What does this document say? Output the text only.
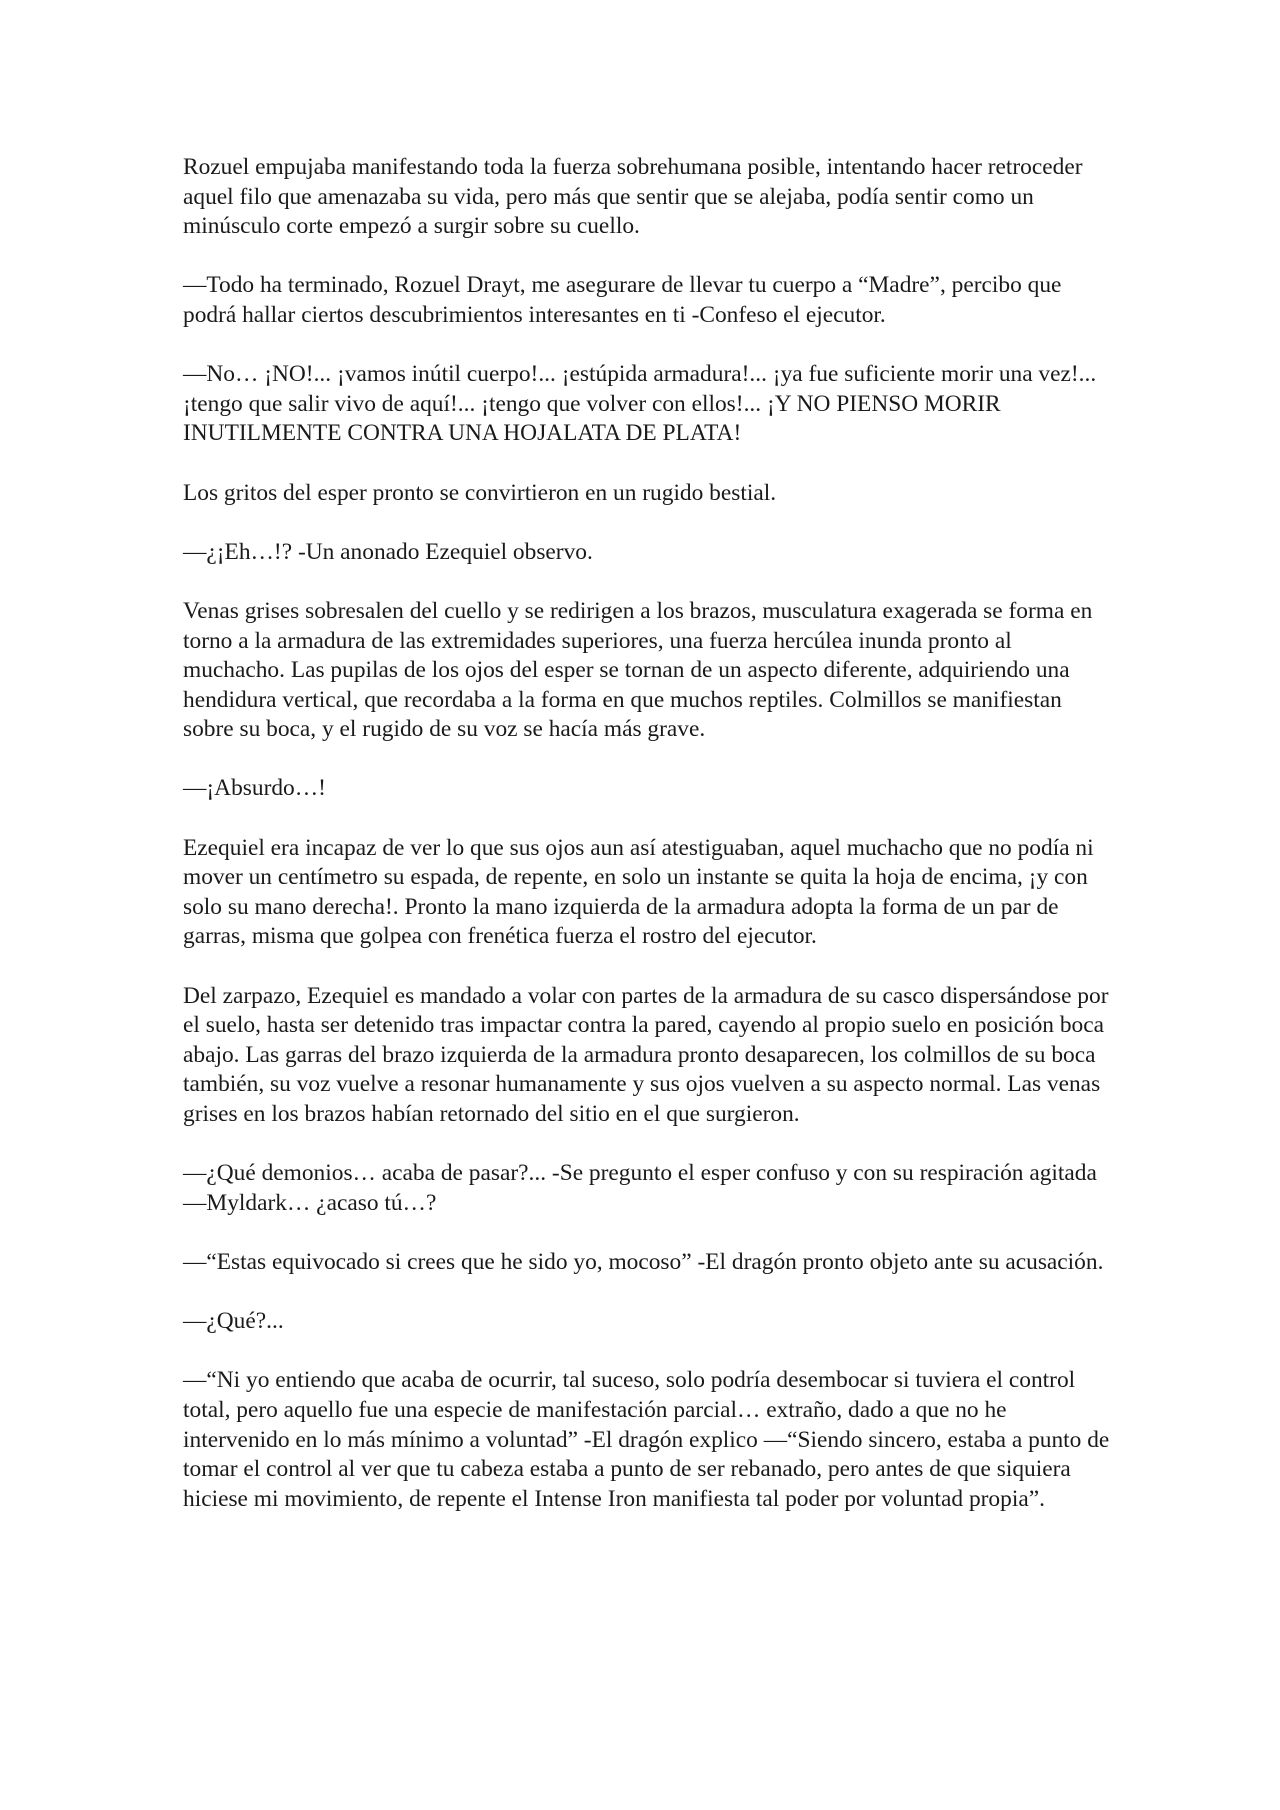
Rozuel empujaba manifestando toda la fuerza sobrehumana posible, intentando hacer retroceder aquel filo que amenazaba su vida, pero más que sentir que se alejaba, podía sentir como un minúsculo corte empezó a surgir sobre su cuello.

—Todo ha terminado, Rozuel Drayt, me asegurare de llevar tu cuerpo a “Madre”, percibo que podrá hallar ciertos descubrimientos interesantes en ti -Confeso el ejecutor.

—No… ¡NO!... ¡vamos inútil cuerpo!... ¡estúpida armadura!... ¡ya fue suficiente morir una vez!... ¡tengo que salir vivo de aquí!... ¡tengo que volver con ellos!... ¡Y NO PIENSO MORIR INUTILMENTE CONTRA UNA HOJALATA DE PLATA!

Los gritos del esper pronto se convirtieron en un rugido bestial.

—¿¡Eh…!? -Un anonado Ezequiel observo.

Venas grises sobresalen del cuello y se redirigen a los brazos, musculatura exagerada se forma en torno a la armadura de las extremidades superiores, una fuerza hercúlea inunda pronto al muchacho. Las pupilas de los ojos del esper se tornan de un aspecto diferente, adquiriendo una hendidura vertical, que recordaba a la forma en que muchos reptiles. Colmillos se manifiestan sobre su boca, y el rugido de su voz se hacía más grave.

—¡Absurdo…!

Ezequiel era incapaz de ver lo que sus ojos aun así atestiguaban, aquel muchacho que no podía ni mover un centímetro su espada, de repente, en solo un instante se quita la hoja de encima, ¡y con solo su mano derecha!. Pronto la mano izquierda de la armadura adopta la forma de un par de garras, misma que golpea con frenética fuerza el rostro del ejecutor.

Del zarpazo, Ezequiel es mandado a volar con partes de la armadura de su casco dispersándose por el suelo, hasta ser detenido tras impactar contra la pared, cayendo al propio suelo en posición boca abajo. Las garras del brazo izquierda de la armadura pronto desaparecen, los colmillos de su boca también, su voz vuelve a resonar humanamente y sus ojos vuelven a su aspecto normal. Las venas grises en los brazos habían retornado del sitio en el que surgieron.

—¿Qué demonios… acaba de pasar?... -Se pregunto el esper confuso y con su respiración agitada —Myldark… ¿acaso tú…?

—“Estas equivocado si crees que he sido yo, mocoso” -El dragón pronto objeto ante su acusación.

—¿Qué?...

—“Ni yo entiendo que acaba de ocurrir, tal suceso, solo podría desembocar si tuviera el control total, pero aquello fue una especie de manifestación parcial… extraño, dado a que no he intervenido en lo más mínimo a voluntad” -El dragón explico —“Siendo sincero, estaba a punto de tomar el control al ver que tu cabeza estaba a punto de ser rebanado, pero antes de que siquiera hiciese mi movimiento, de repente el Intense Iron manifiesta tal poder por voluntad propia”.
